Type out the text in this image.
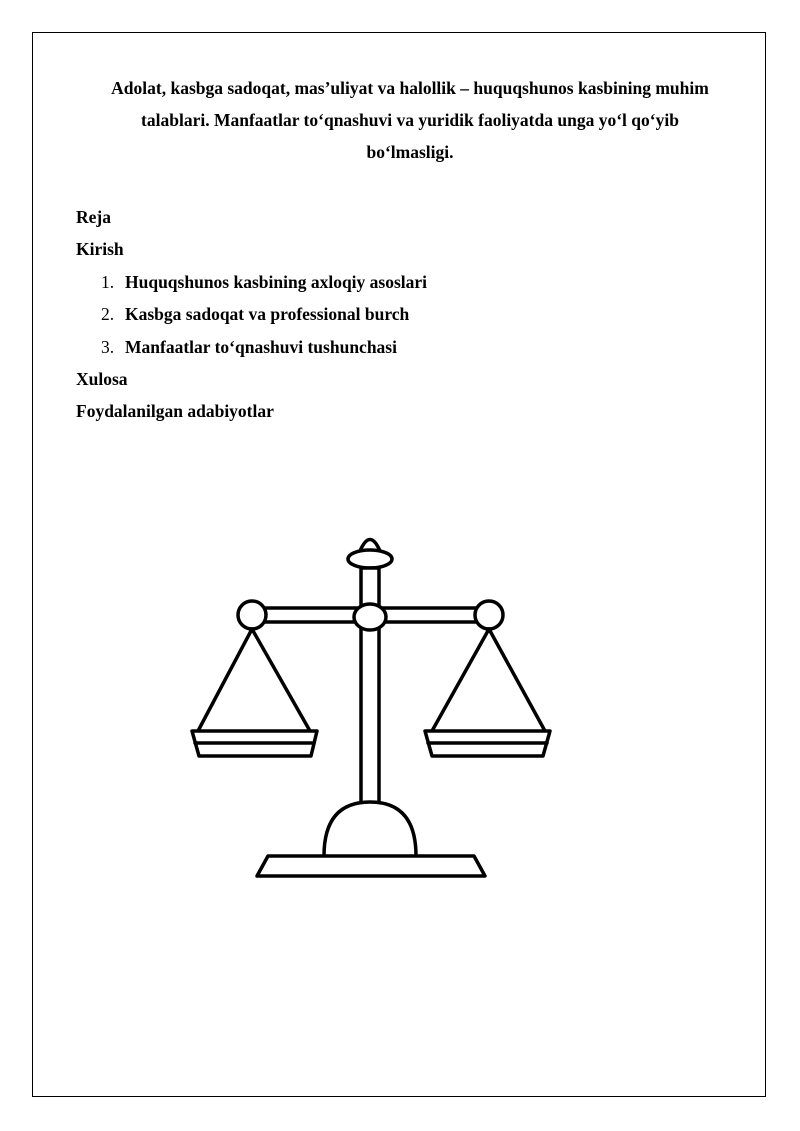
Adolat, kasbga sadoqat, mas’uliyat va halollik – huquqshunos kasbining muhim
talablari. Manfaatlar to‘qnashuvi va yuridik faoliyatda unga yo‘l qo‘yib
bo‘lmasligi.
Reja
Kirish
1. Huquqshunos kasbining axloqiy asoslari
2. Kasbga sadoqat va professional burch
3. Manfaatlar to‘qnashuvi tushunchasi
Xulosa
Foydalanilgan adabiyotlar
